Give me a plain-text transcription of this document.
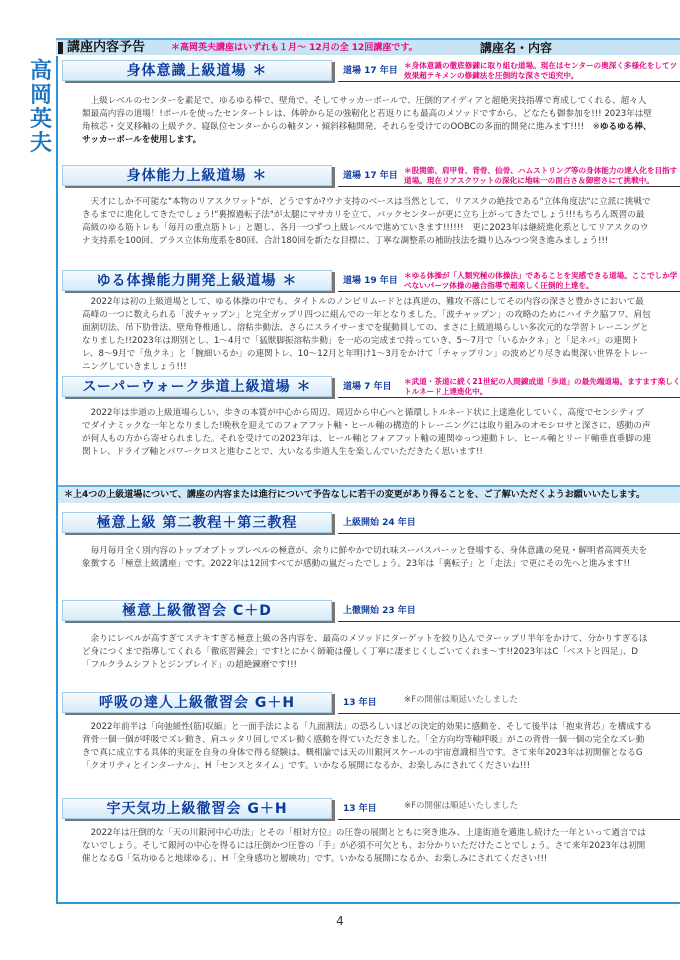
講座内容予告	＊高岡英夫講座はいずれも１月～ 12月の全 12回講座です。	講座名・内容
高
岡
英
夫
身体意識上級道場 ＊	道場 17 年目
＊身体意識の徹底修錬に取り組む道場。現在はセンターの奥深く多様化をしてツ效果超テキメンの修錬法を圧倒的な深さで追究中。
上級レベルのセンターを素足で、ゆるゆる棒で、壁角で、そしてサッカーボールで、圧倒的アイディアと超絶実技指導で育成してくれる、超々人類最高内容の道場！!ボールを使ったセンタートレは、体幹から足の強靭化と若返りにも最高のメソッドですから、どなたも御参加を!!! 2023年は壁角核芯・交叉移軸の上級テク、寝臥位センターからの軸タン・傾斜移軸開発、それらを受けてのOOBCの多面的開発に進みます!!!!　※ゆるゆる棒、サッカーボールを使用します。
身体能力上級道場 ＊	道場 17 年目
＊股関節、肩甲骨、背骨、仙骨、ハムストリング等の身体能力の達人化を目指す道場。現在リアスクワットの深化に地味一の面白さ＆御密さにて挑戦中。
天才にしか不可能な"本物のリアスクワット"が、どうですか?ウナ支持のベースは当然として、リアスクの絶技である"立体角度法"に立派に挑戦できるまでに進化してきたでしょう!"裏擦過転子法"が太腿にマサカリを立て、バックセンターが更に立ち上がってきたでしょう!!!もちろん既習の最高級のゆる筋トレも「毎月の重点筋トレ」と題し、各月一つずつ上級レベルで進めていきます!!!!!!　更に2023年は継続進化系としてリアスクのウナ支持系を100回、プラス立体角度系を80回、合計180回を新たな目標に、丁寧な調整系の補助技法を織り込みつつ突き進みましょう!!!
ゆる体操能力開発上級道場 ＊	道場 19 年目
＊ゆる体操が「人類究極の体操法」であることを実感できる道場。ここでしか学べないパーツ体操の融合指導で超楽しく圧倒的上達を。
2022年は初の上級道場として、ゆる体操の中でも、タイトルのノンビリムードとは真逆の、難攻不落にしてその内容の深さと豊かさにおいて最高峰の一つに数えられる「波チャップン」と完全ガップリ四つに組んでの一年となりました。「波チャップン」の攻略のためにハイテク脇フワ、肩包面割切法、吊下肋骨法、壁角脊椎通し、溶粘歩動法、さらにスライサーまでを縦動員しての、まさに上級道場らしい多次元的な学習トレーニングとなりました!!2023年は期別とし、1～4月で「猛獣脚振溶粘歩動」を一応の完成まで持っていき、5～7月で「いるかクネ」と「足ネバ」の連関トレ、8～9月で「魚クネ」と「腕細いるか」の連関トレ、10～12月と年明け1～3月をかけて「チャップリン」の波めどり尽きぬ奥深い世界をトレーニングしていきましょう!!!
スーパーウォーク歩道上級道場 ＊	道場 7 年目
＊武道・茶道に続く21世紀の人間錬成道「歩道」の最先端道場。ますます楽しくトルネード上達進化中。
2022年は歩道の上級道場らしい、歩きの本質が中心から周辺、周辺から中心へと循環しトルネード状に上達進化していく、高度でセンシティブでダイナミックな一年となりました!晩秋を迎えてのフォアフット軸・ヒール軸の構造的トレーニングには取り組みのオモシロサと深さに、感動の声が何人もの方から寄せられました。それを受けての2023年は、ヒール軸とフォアフット軸の連関ゆっつ連動トレ、ヒール軸とリード軸垂直垂脚の連関トレ、ドライブ軸とパワークロスと進むことで、大いなる歩道人生を楽しんでいただきたく思います!!
＊上4つの上級道場について、講座の内容または進行について予告なしに若干の変更があり得ることを、ご了解いただくようお願いいたします。
極意上級 第二教程＋第三教程	上級開始 24 年目
毎月毎月全く別内容のトップオブトップレベルの極意が、余りに鮮やかで切れ味スーパスパーッと登場する、身体意識の発見・解明者高岡英夫を象徴する「極意上級講座」です。2022年は12回すべてが感動の嵐だったでしょう。23年は「裏転子」と「走法」で更にその先へと進みます!!
極意上級徹習会 C＋D	上徹開始 23 年目
余りにレベルが高すぎてステキすぎる極意上級の各内容を、最高のメソッドにターゲットを絞り込んでターップリ半年をかけて、分かりすぎるほど身につくまで指導してくれる「徹底習錬会」です!とにかく師範は優しく丁寧に凄まじくしごいてくれま～す!!2023年はC「ベストと四足」、D「フルクラムシフトとジンブレイド」の超絶錬磨です!!!
呼吸の達人上級徹習会 G＋H	13 年目	※Fの開催は順延いたしました
2022年前半は「向弛緩性(筋)収縮」と一面手法による「九面割法」の恐ろしいほどの決定的効果に感動を、そして後半は「抱束背芯」を構成する背骨一個一個が呼吸でズレ動き、肩ユッタリ回しでズレ動く感動を得ていただきました。「全方向均等軸呼吸」がこの背骨一個一個の完全なズレ動きで真に成立する具体的実証を自身の身体で得る経験は、概相論では天の川銀河スケールの宇宙意識相当です。さて来年2023年は初開催となるG「クオリティとインターナル」、H「センスとタイム」です。いかなる展開になるか、お楽しみにされてくださいね!!!
宇天気功上級徹習会 G＋H	13 年目	※Fの開催は順延いたしました
2022年は圧倒的な「天の川銀河中心功法」とその「相対方位」の圧巻の展開とともに突き進み、上達街道を邁進し続けた一年といって過言ではないでしょう。そして銀河の中心を得るには圧倒かつ圧巻の「手」が必須不可欠とも、お分かりいただけたことでしょう。さて来年2023年は初開催となるG「気功ゆると地球ゆる」、H「全身感功と層映功」です。いかなる展開になるか、お楽しみにされてください!!!
4
